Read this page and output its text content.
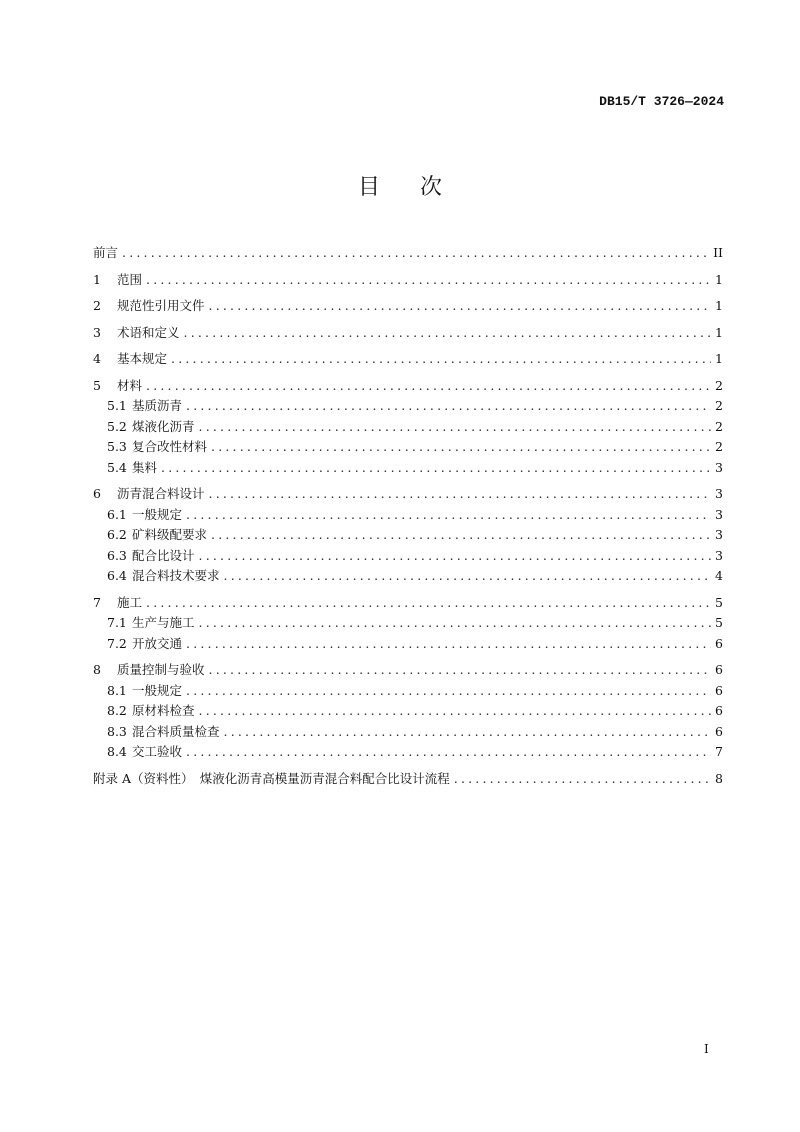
DB15/T 3726—2024
目次
前言 .....	II
1	范围 .....	1
2	规范性引用文件 .....	1
3	术语和定义 .....	1
4	基本规定 .....	1
5	材料 .....	2
5.1 基质沥青 .....	2
5.2 煤液化沥青 .....	2
5.3 复合改性材料 .....	2
5.4 集料 .....	3
6	沥青混合料设计 .....	3
6.1 一般规定 .....	3
6.2 矿料级配要求 .....	3
6.3 配合比设计 .....	3
6.4 混合料技术要求 .....	4
7	施工 .....	5
7.1 生产与施工 .....	5
7.2 开放交通 .....	6
8	质量控制与验收 .....	6
8.1 一般规定 .....	6
8.2 原材料检查 .....	6
8.3 混合料质量检查 .....	6
8.4 交工验收 .....	7
附录 A（资料性）　煤液化沥青高模量沥青混合料配合比设计流程 .....	8
I
